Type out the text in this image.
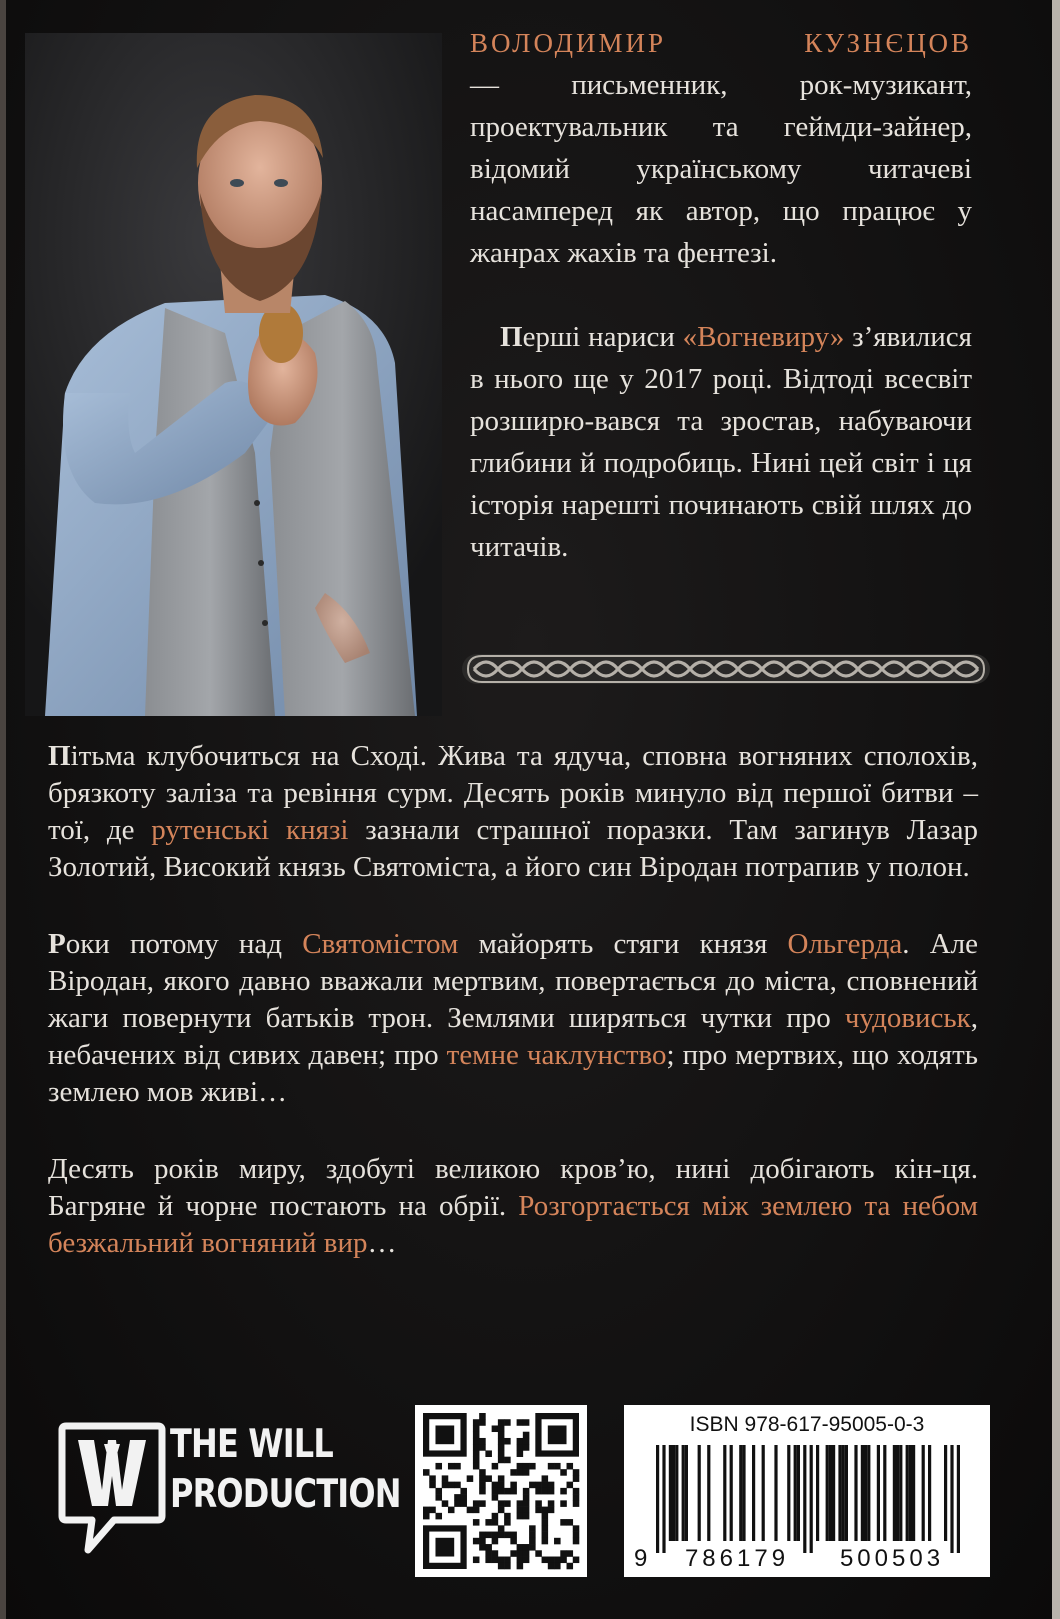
ВОЛОДИМИР	КУЗНЄЦОВ

— письменник, рок-музикант, проектувальник та геймди-зайнер, відомий українському читачеві насамперед як автор, що працює у жанрах жахів та фентезі.

Перші нариси «Вогневиру» з’явилися в нього ще у 2017 році. Відтоді всесвіт розширю-вався та зростав, набуваючи глибини й подробиць. Нині цей світ і ця історія нарешті починають свій шлях до читачів.

Пітьма клубочиться на Сході. Жива та ядуча, сповна вогняних сполохів, брязкоту заліза та ревіння сурм. Десять років минуло від першої битви – тої, де рутенські князі зазнали страшної поразки. Там загинув Лазар Золотий, Високий князь Святоміста, а його син Віродан потрапив у полон.

Роки потому над Святомістом майорять стяги князя Ольгерда. Але Віродан, якого давно вважали мертвим, повертається до міста, сповнений жаги повернути батьків трон. Землями ширяться чутки про чудовиськ, небачених від сивих давен; про темне чаклунство; про мертвих, що ходять землею мов живі…

Десять років миру, здобуті великою кров’ю, нині добігають кін-ця. Багряне й чорне постають на обрії. Розгортається між землею та небом безжальний вогняний вир…

THE WILL
PRODUCTION
ISBN 978-617-95005-0-3
9	786179	500503
